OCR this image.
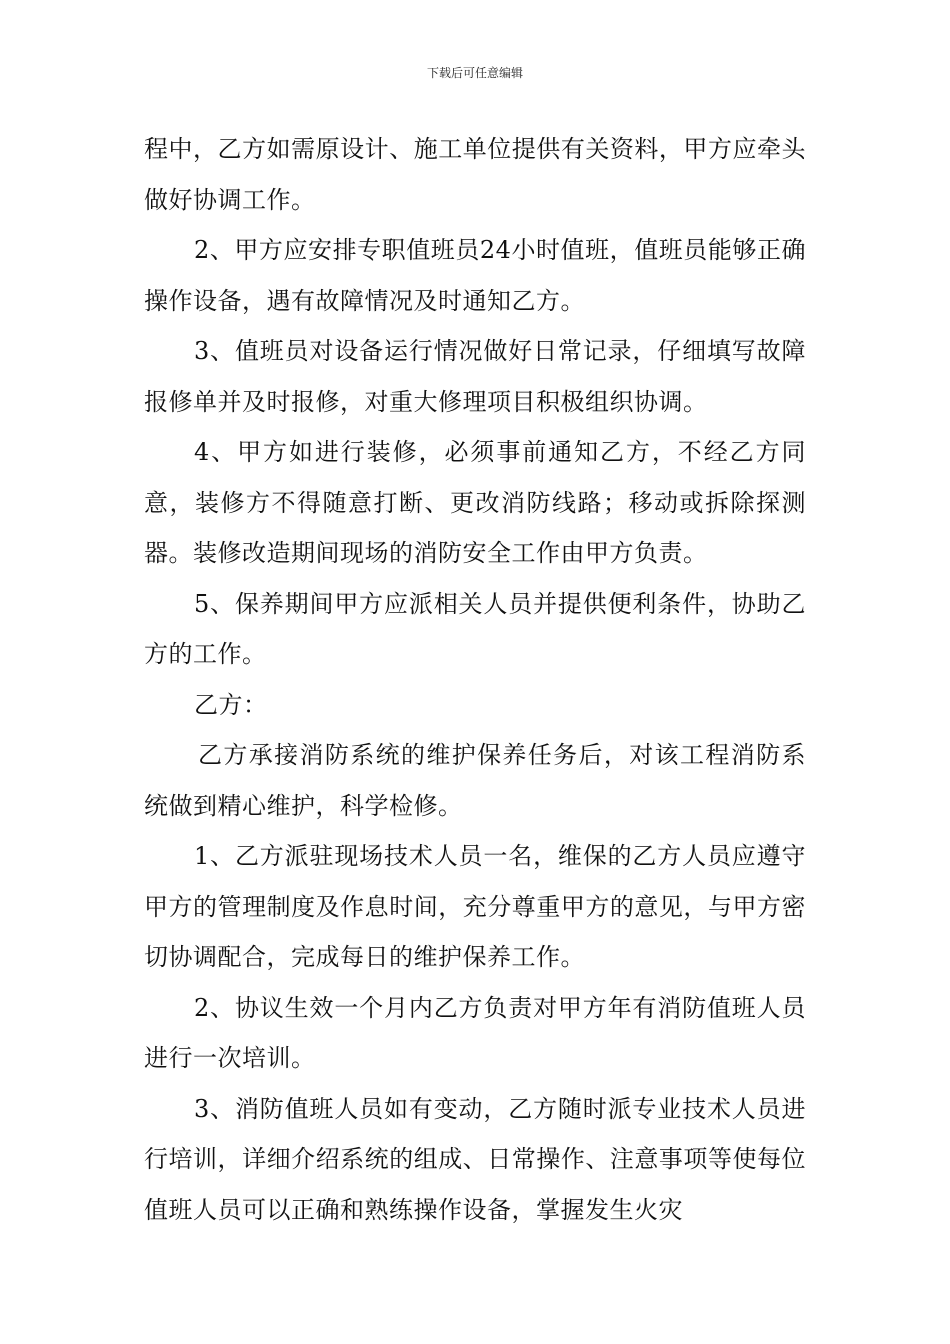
下载后可任意编辑

程中，乙方如需原设计、施工单位提供有关资料，甲方应牵头做好协调工作。

2、甲方应安排专职值班员24小时值班，值班员能够正确操作设备，遇有故障情况及时通知乙方。

3、值班员对设备运行情况做好日常记录，仔细填写故障报修单并及时报修，对重大修理项目积极组织协调。

4、甲方如进行装修，必须事前通知乙方，不经乙方同意，装修方不得随意打断、更改消防线路；移动或拆除探测器。装修改造期间现场的消防安全工作由甲方负责。

5、保养期间甲方应派相关人员并提供便利条件，协助乙方的工作。

乙方：

乙方承接消防系统的维护保养任务后，对该工程消防系统做到精心维护，科学检修。

1、乙方派驻现场技术人员一名，维保的乙方人员应遵守甲方的管理制度及作息时间，充分尊重甲方的意见，与甲方密切协调配合，完成每日的维护保养工作。

2、协议生效一个月内乙方负责对甲方年有消防值班人员进行一次培训。

3、消防值班人员如有变动，乙方随时派专业技术人员进行培训，详细介绍系统的组成、日常操作、注意事项等使每位值班人员可以正确和熟练操作设备，掌握发生火灾
